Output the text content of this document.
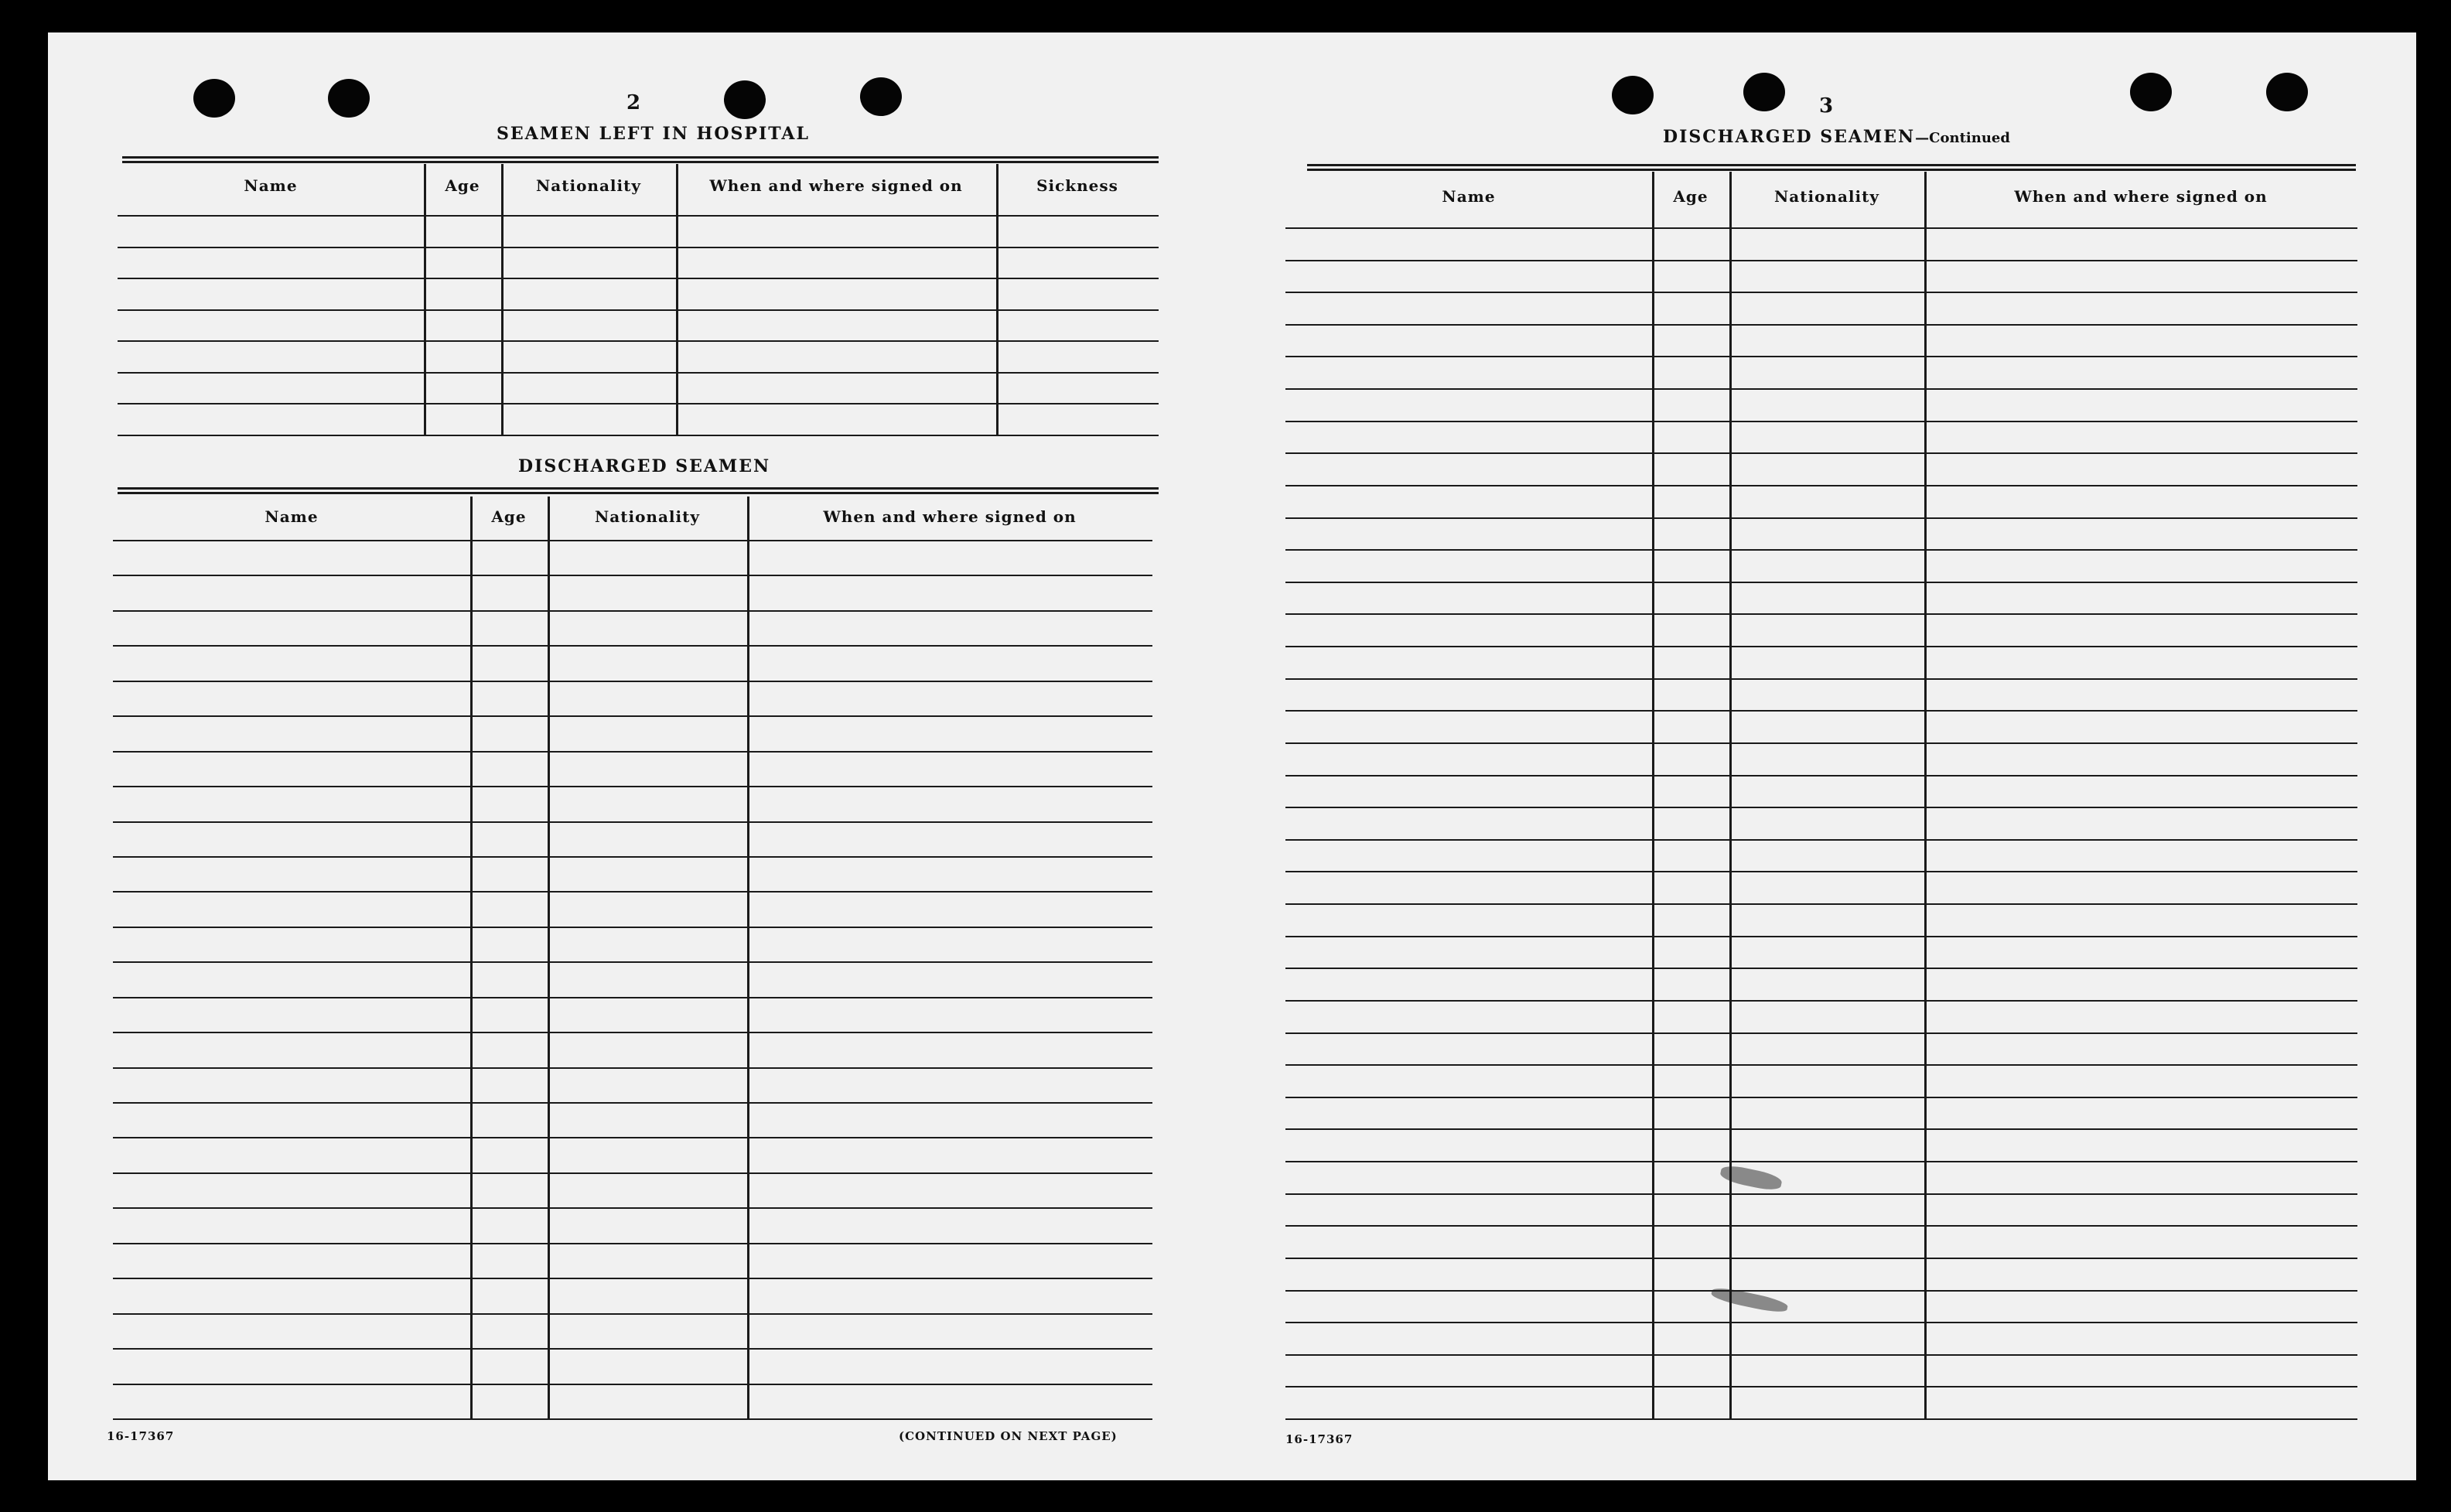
2
SEAMEN LEFT IN HOSPITAL
DISCHARGED SEAMEN
16-17367	(CONTINUED ON NEXT PAGE)
3
DISCHARGED SEAMEN—Continued
16-17367
Name	Age	Nationality	When and where signed on	Sickness
Name	Age	Nationality	When and where signed on
Name	Age	Nationality	When and where signed on
